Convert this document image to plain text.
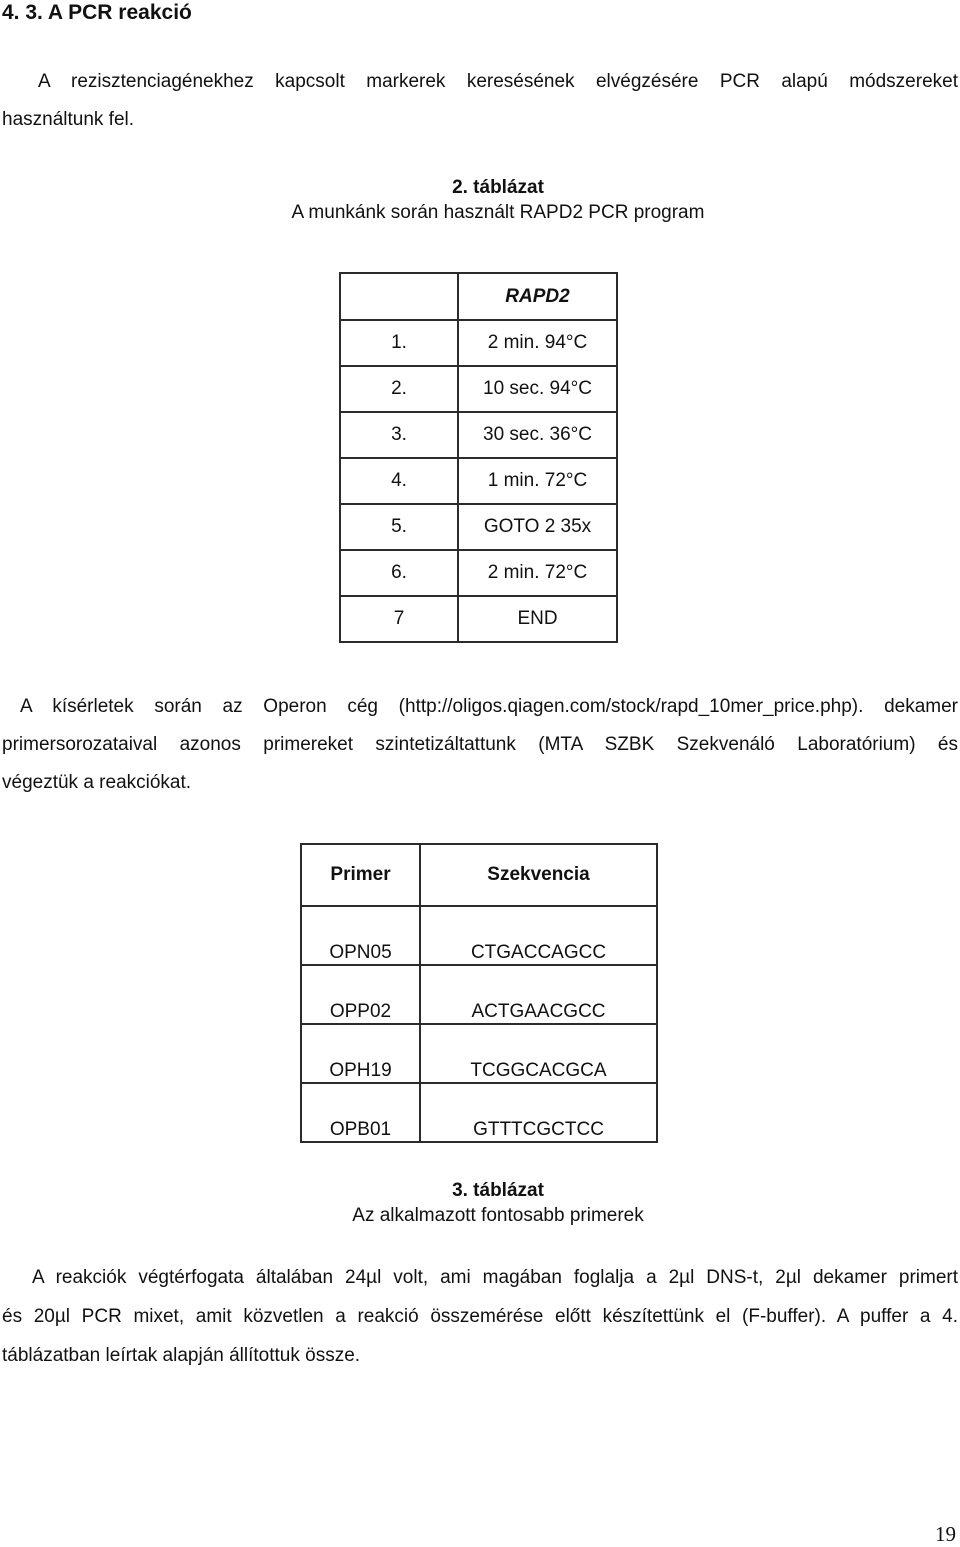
4. 3. A PCR reakció

A rezisztenciagénekhez kapcsolt markerek keresésének elvégzésére PCR alapú módszereket
használtunk fel.

2. táblázat
A munkánk során használt RAPD2 PCR program
	RAPD2
1.	2 min. 94°C
2.	10 sec. 94°C
3.	30 sec. 36°C
4.	1 min. 72°C
5.	GOTO 2 35x
6.	2 min. 72°C
7	END

A kísérletek során az Operon cég (http://oligos.qiagen.com/stock/rapd_10mer_price.php). dekamer
primersorozataival azonos primereket szintetizáltattunk (MTA SZBK Szekvenáló Laboratórium) és
végeztük a reakciókat.

Primer	Szekvencia
OPN05	CTGACCAGCC
OPP02	ACTGAACGCC
OPH19	TCGGCACGCA
OPB01	GTTTCGCTCC
3. táblázat
Az alkalmazott fontosabb primerek

A reakciók végtérfogata általában 24µl volt, ami magában foglalja a 2µl DNS-t, 2µl dekamer primert
és 20µl PCR mixet, amit közvetlen a reakció összemérése előtt készítettünk el (F-buffer). A puffer a 4.
táblázatban leírtak alapján állítottuk össze.

19
